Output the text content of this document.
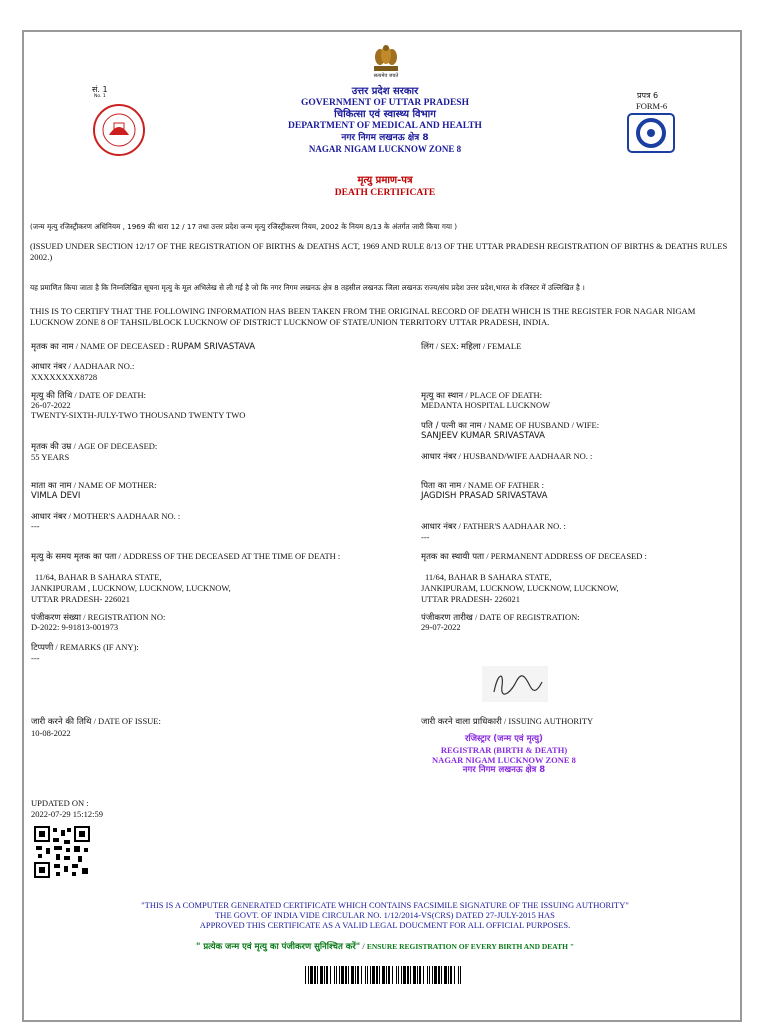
सत्यमेव जयते
सं. 1
No. 1	उत्तर प्रदेश सरकार
GOVERNMENT OF UTTAR PRADESH
चिकित्सा एवं स्वास्थ्य विभाग
DEPARTMENT OF MEDICAL AND HEALTH
नगर निगम लखनऊ क्षेत्र 8
NAGAR NIGAM LUCKNOW ZONE 8
प्रपत्र 6
FORM-6
मृत्यु प्रमाण-पत्र
DEATH CERTIFICATE
(जन्म मृत्यु रजिस्ट्रीकरण अधिनियम , 1969 की धारा 12 / 17 तथा उत्तर प्रदेश जन्म मृत्यु रजिस्ट्रीकरण नियम, 2002 के नियम 8/13 के अंतर्गत जारी किया गया )
(ISSUED UNDER SECTION 12/17 OF THE REGISTRATION OF BIRTHS & DEATHS ACT, 1969 AND RULE 8/13 OF THE UTTAR PRADESH REGISTRATION OF BIRTHS & DEATHS RULES 2002.)
यह प्रमाणित किया जाता है कि निम्नलिखित सूचना मृत्यु के मूल अभिलेख से ली गई है जो कि नगर निगम लखनऊ क्षेत्र 8 तहसील लखनऊ जिला लखनऊ राज्य/संघ प्रदेश उत्तर प्रदेश,भारत के रजिस्टर में उल्लिखित है ।
THIS IS TO CERTIFY THAT THE FOLLOWING INFORMATION HAS BEEN TAKEN FROM THE ORIGINAL RECORD OF DEATH WHICH IS THE REGISTER FOR NAGAR NIGAM LUCKNOW ZONE 8 OF TAHSIL/BLOCK LUCKNOW OF DISTRICT LUCKNOW OF STATE/UNION TERRITORY UTTAR PRADESH, INDIA.
मृतक का नाम / NAME OF DECEASED : RUPAM SRIVASTAVA
आधार नंबर / AADHAAR NO.:
XXXXXXXX8728
मृत्यु की तिथि / DATE OF DEATH:
26-07-2022
TWENTY-SIXTH-JULY-TWO THOUSAND TWENTY TWO
मृतक की उम्र / AGE OF DECEASED:
55 YEARS
माता का नाम / NAME OF MOTHER:
VIMLA DEVI
आधार नंबर / MOTHER'S AADHAAR NO. :
---
मृत्यु के समय मृतक का पता / ADDRESS OF THE DECEASED AT THE TIME OF DEATH :
11/64, BAHAR B SAHARA STATE,
JANKIPURAM , LUCKNOW, LUCKNOW, LUCKNOW,
UTTAR PRADESH- 226021
पंजीकरण संख्या / REGISTRATION NO:
D-2022: 9-91813-001973
टिप्पणी / REMARKS (IF ANY):
---
जारी करने की तिथि / DATE OF ISSUE:
10-08-2022
लिंग / SEX: महिला / FEMALE
मृत्यु का स्थान / PLACE OF DEATH:
MEDANTA HOSPITAL LUCKNOW
पति / पत्नी का नाम / NAME OF HUSBAND / WIFE:
SANJEEV KUMAR SRIVASTAVA
आधार नंबर / HUSBAND/WIFE AADHAAR NO. :
पिता का नाम / NAME OF FATHER :
JAGDISH PRASAD SRIVASTAVA
आधार नंबर / FATHER'S AADHAAR NO. :
---
मृतक का स्थायी पता / PERMANENT ADDRESS OF DECEASED :
11/64, BAHAR B SAHARA STATE,
JANKIPURAM, LUCKNOW, LUCKNOW, LUCKNOW,
UTTAR PRADESH- 226021
पंजीकरण तारीख / DATE OF REGISTRATION:
29-07-2022
जारी करने वाला प्राधिकारी / ISSUING AUTHORITY
रजिस्ट्रार (जन्म एवं मृत्यु)
REGISTRAR (BIRTH & DEATH)
NAGAR NIGAM LUCKNOW ZONE 8
नगर निगम लखनऊ क्षेत्र 8
UPDATED ON :
2022-07-29 15:12:59
"THIS IS A COMPUTER GENERATED CERTIFICATE WHICH CONTAINS FACSIMILE SIGNATURE OF THE ISSUING AUTHORITY"
THE GOVT. OF INDIA VIDE CIRCULAR NO. 1/12/2014-VS(CRS) DATED 27-JULY-2015 HAS
APPROVED THIS CERTIFICATE AS A VALID LEGAL DOUCMENT FOR ALL OFFICIAL PURPOSES.
" प्रत्येक जन्म एवं मृत्यु का पंजीकरण सुनिश्चित करें" / ENSURE REGISTRATION OF EVERY BIRTH AND DEATH "
